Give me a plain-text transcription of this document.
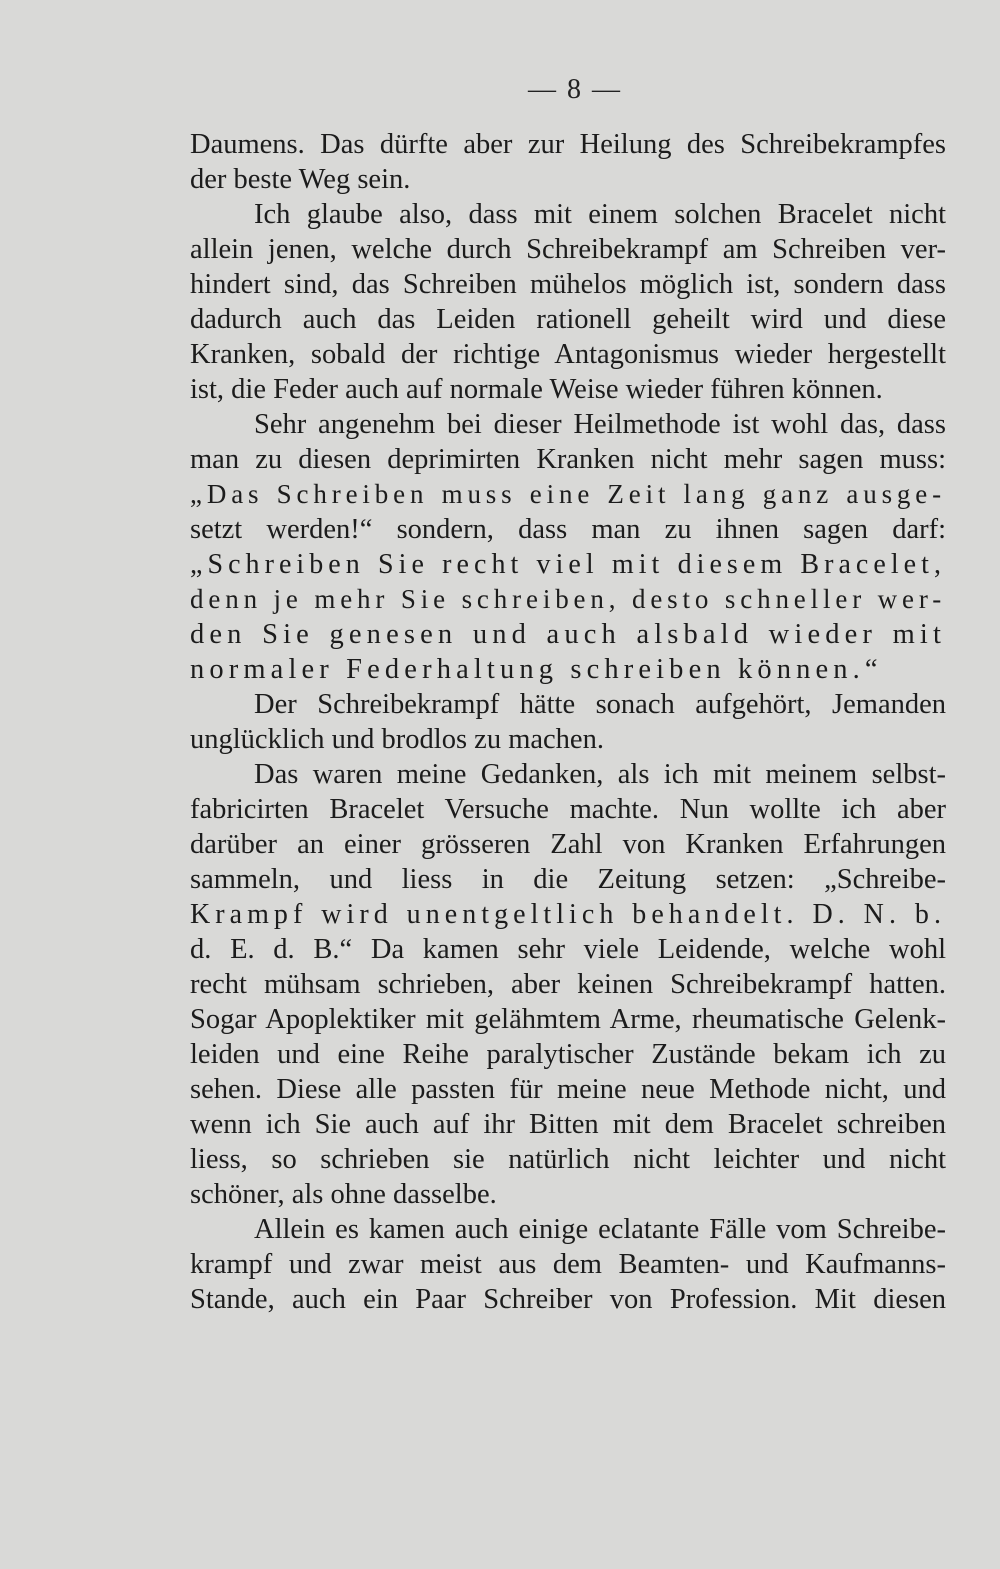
— 8 —
Daumens. Das dürfte aber zur Heilung des Schreibekrampfes
der beste Weg sein.
Ich glaube also, dass mit einem solchen Bracelet nicht
allein jenen, welche durch Schreibekrampf am Schreiben ver-
hindert sind, das Schreiben mühelos möglich ist, sondern dass
dadurch auch das Leiden rationell geheilt wird und diese
Kranken, sobald der richtige Antagonismus wieder hergestellt
ist, die Feder auch auf normale Weise wieder führen können.
Sehr angenehm bei dieser Heilmethode ist wohl das, dass
man zu diesen deprimirten Kranken nicht mehr sagen muss:
„Das Schreiben muss eine Zeit lang ganz ausge-
setzt werden!“ sondern, dass man zu ihnen sagen darf:
„Schreiben Sie recht viel mit diesem Bracelet,
denn je mehr Sie schreiben, desto schneller wer-
den Sie genesen und auch alsbald wieder mit
normaler Federhaltung schreiben können.“
Der Schreibekrampf hätte sonach aufgehört, Jemanden
unglücklich und brodlos zu machen.
Das waren meine Gedanken, als ich mit meinem selbst-
fabricirten Bracelet Versuche machte. Nun wollte ich aber
darüber an einer grösseren Zahl von Kranken Erfahrungen
sammeln, und liess in die Zeitung setzen: „Schreibe-
Krampf wird unentgeltlich behandelt. D. N. b.
d. E. d. B.“ Da kamen sehr viele Leidende, welche wohl
recht mühsam schrieben, aber keinen Schreibekrampf hatten.
Sogar Apoplektiker mit gelähmtem Arme, rheumatische Gelenk-
leiden und eine Reihe paralytischer Zustände bekam ich zu
sehen. Diese alle passten für meine neue Methode nicht, und
wenn ich Sie auch auf ihr Bitten mit dem Bracelet schreiben
liess, so schrieben sie natürlich nicht leichter und nicht
schöner, als ohne dasselbe.
Allein es kamen auch einige eclatante Fälle vom Schreibe-
krampf und zwar meist aus dem Beamten- und Kaufmanns-
Stande, auch ein Paar Schreiber von Profession. Mit diesen
